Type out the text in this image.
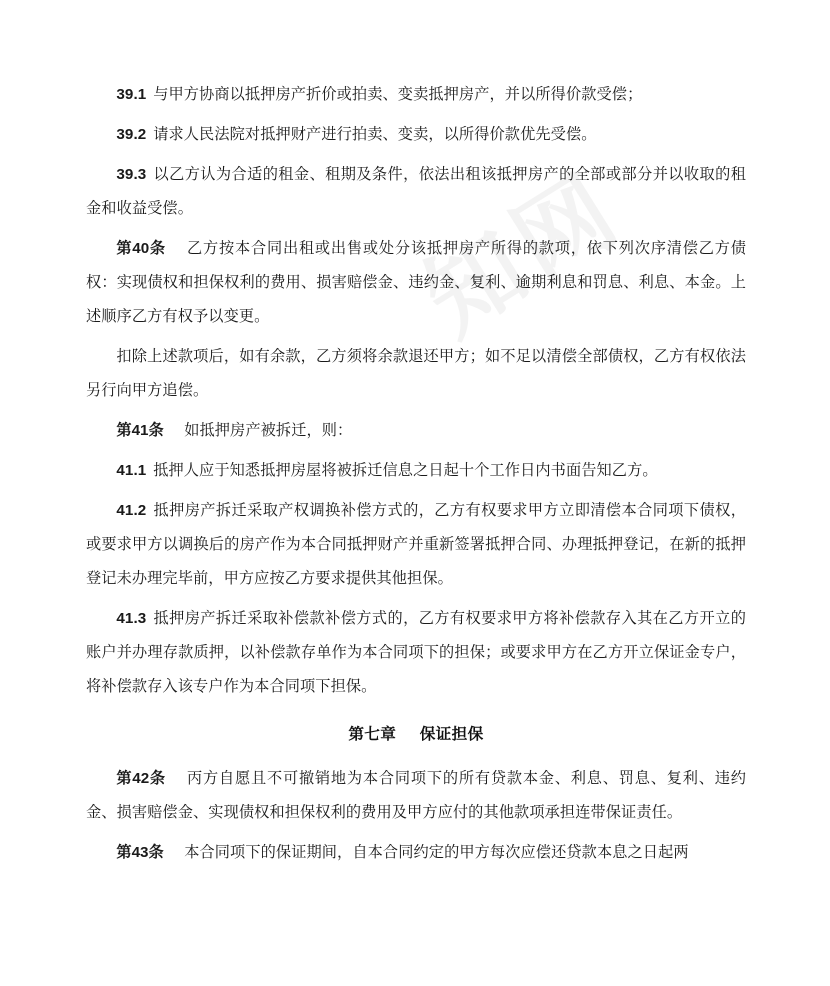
39.1 与甲方协商以抵押房产折价或拍卖、变卖抵押房产，并以所得价款受偿；

39.2 请求人民法院对抵押财产进行拍卖、变卖，以所得价款优先受偿。

39.3 以乙方认为合适的租金、租期及条件，依法出租该抵押房产的全部或部分并以收取的租金和收益受偿。

第40条 乙方按本合同出租或出售或处分该抵押房产所得的款项，依下列次序清偿乙方债权：实现债权和担保权利的费用、损害赔偿金、违约金、复利、逾期利息和罚息、利息、本金。上述顺序乙方有权予以变更。

扣除上述款项后，如有余款，乙方须将余款退还甲方；如不足以清偿全部债权，乙方有权依法另行向甲方追偿。

第41条 如抵押房产被拆迁，则：

41.1 抵押人应于知悉抵押房屋将被拆迁信息之日起十个工作日内书面告知乙方。

41.2 抵押房产拆迁采取产权调换补偿方式的，乙方有权要求甲方立即清偿本合同项下债权，或要求甲方以调换后的房产作为本合同抵押财产并重新签署抵押合同、办理抵押登记，在新的抵押登记未办理完毕前，甲方应按乙方要求提供其他担保。

41.3 抵押房产拆迁采取补偿款补偿方式的，乙方有权要求甲方将补偿款存入其在乙方开立的账户并办理存款质押，以补偿款存单作为本合同项下的担保；或要求甲方在乙方开立保证金专户，将补偿款存入该专户作为本合同项下担保。

第七章 保证担保

第42条 丙方自愿且不可撤销地为本合同项下的所有贷款本金、利息、罚息、复利、违约金、损害赔偿金、实现债权和担保权利的费用及甲方应付的其他款项承担连带保证责任。

第43条 本合同项下的保证期间，自本合同约定的甲方每次应偿还贷款本息之日起两
